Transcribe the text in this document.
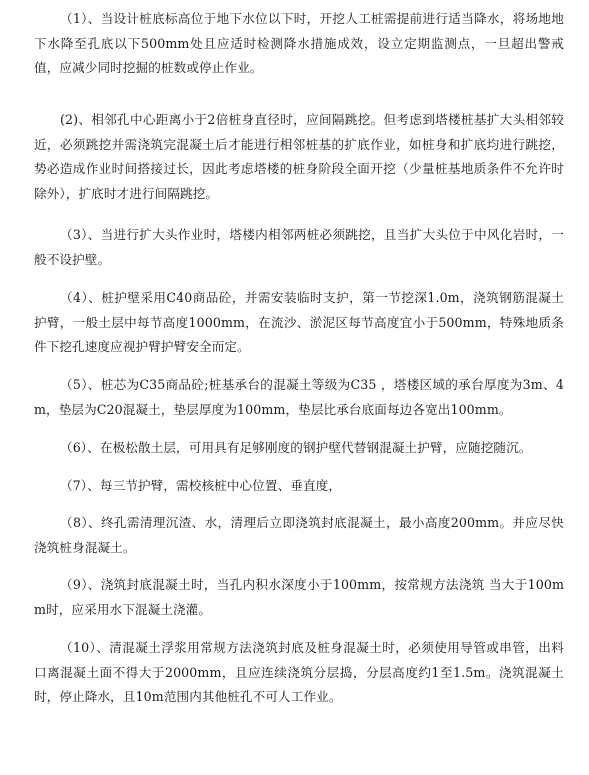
（1）、当设计桩底标高位于地下水位以下时，开挖人工桩需提前进行适当降水，将场地地下水降至孔底以下500mm处且应适时检测降水措施成效，设立定期监测点，一旦超出警戒值，应减少同时挖掘的桩数或停止作业。

(2)、相邻孔中心距离小于2倍桩身直径时，应间隔跳挖。但考虑到塔楼桩基扩大头相邻较近，必须跳挖并需浇筑完混凝土后才能进行相邻桩基的扩底作业，如桩身和扩底均进行跳挖，势必造成作业时间搭接过长，因此考虑塔楼的桩身阶段全面开挖（少量桩基地质条件不允许时除外），扩底时才进行间隔跳挖。

（3）、当进行扩大头作业时，塔楼内相邻两桩必须跳挖，且当扩大头位于中风化岩时，一般不设护壁。

（4）、桩护壁采用C40商品砼，并需安装临时支护，第一节挖深1.0m，浇筑钢筋混凝土护臂，一般土层中每节高度1000mm，在流沙、淤泥区每节高度宜小于500mm，特殊地质条件下挖孔速度应视护臂护臂安全而定。

（5）、桩芯为C35商品砼;桩基承台的混凝土等级为C35 ，塔楼区域的承台厚度为3m、4m，垫层为C20混凝土，垫层厚度为100mm，垫层比承台底面每边各宽出100mm。

（6）、在极松散土层，可用具有足够刚度的钢护壁代替钢混凝土护臂，应随挖随沉。

（7）、每三节护臂，需校核桩中心位置、垂直度，

（8）、终孔需清理沉渣、水，清理后立即浇筑封底混凝土，最小高度200mm。并应尽快浇筑桩身混凝土。

（9）、浇筑封底混凝土时，当孔内积水深度小于100mm，按常规方法浇筑 当大于100mm时，应采用水下混凝土浇灌。

（10）、清混凝土浮浆用常规方法浇筑封底及桩身混凝土时，必须使用导管或串管，出料口离混凝土面不得大于2000mm，且应连续浇筑分层捣，分层高度约1至1.5m。浇筑混凝土时，停止降水，且10m范围内其他桩孔不可人工作业。
